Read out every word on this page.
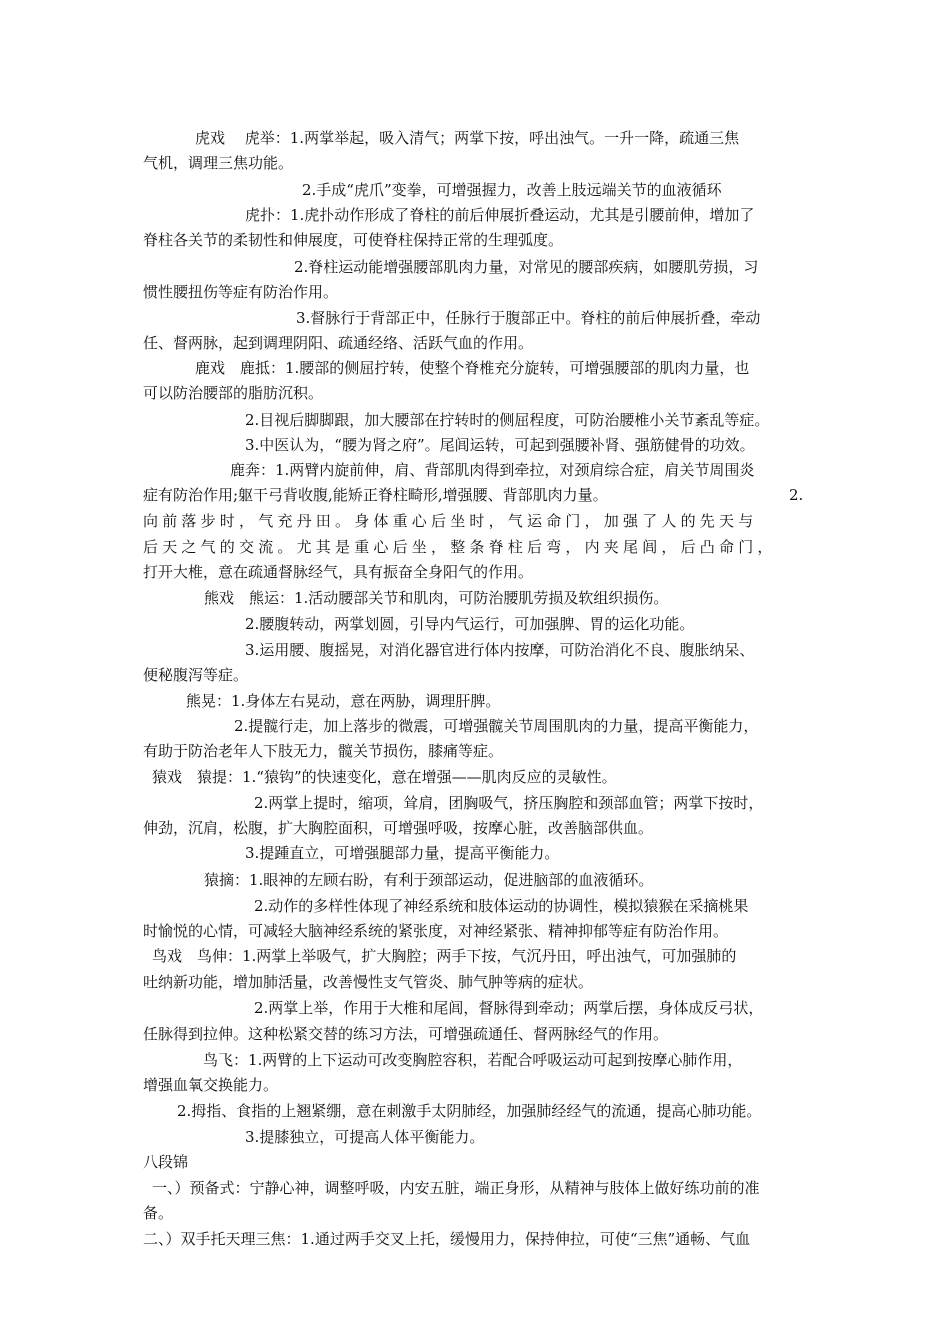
虎戏　 虎举：1.两掌举起，吸入清气；两掌下按，呼出浊气。一升一降，疏通三焦
气机，调理三焦功能。
2.手成“虎爪”变拳，可增强握力，改善上肢远端关节的血液循环
虎扑：1.虎扑动作形成了脊柱的前后伸展折叠运动，尤其是引腰前伸，增加了
脊柱各关节的柔韧性和伸展度，可使脊柱保持正常的生理弧度。
2.脊柱运动能增强腰部肌肉力量，对常见的腰部疾病，如腰肌劳损，习
惯性腰扭伤等症有防治作用。
3.督脉行于背部正中，任脉行于腹部正中。脊柱的前后伸展折叠，牵动
任、督两脉，起到调理阴阳、疏通经络、活跃气血的作用。
鹿戏　鹿抵：1.腰部的侧屈拧转，使整个脊椎充分旋转，可增强腰部的肌肉力量，也
可以防治腰部的脂肪沉积。
2.目视后脚脚跟，加大腰部在拧转时的侧屈程度，可防治腰椎小关节紊乱等症。
3.中医认为，“腰为肾之府”。尾闾运转，可起到强腰补肾、强筋健骨的功效。
鹿奔：1.两臂内旋前伸，肩、背部肌肉得到牵拉，对颈肩综合症，肩关节周围炎
症有防治作用;躯干弓背收腹,能矫正脊柱畸形,增强腰、背部肌肉力量。	2.
向前落步时，气充丹田。身体重心后坐时，气运命门，加强了人的先天与
后天之气的交流。尤其是重心后坐，整条脊柱后弯，内夹尾闾，后凸命门，
打开大椎，意在疏通督脉经气，具有振奋全身阳气的作用。
熊戏　熊运：1.活动腰部关节和肌肉，可防治腰肌劳损及软组织损伤。
2.腰腹转动，两掌划圆，引导内气运行，可加强脾、胃的运化功能。
3.运用腰、腹摇晃，对消化器官进行体内按摩，可防治消化不良、腹胀纳呆、
便秘腹泻等症。
熊晃：1.身体左右晃动，意在两胁，调理肝脾。
2.提髋行走，加上落步的微震，可增强髋关节周围肌肉的力量，提高平衡能力，
有助于防治老年人下肢无力，髋关节损伤，膝痛等症。
猿戏　猿提：1.“猿钩”的快速变化，意在增强——肌肉反应的灵敏性。
2.两掌上提时，缩项，耸肩，团胸吸气，挤压胸腔和颈部血管；两掌下按时，
伸劲，沉肩，松腹，扩大胸腔面积，可增强呼吸，按摩心脏，改善脑部供血。
3.提踵直立，可增强腿部力量，提高平衡能力。
猿摘：1.眼神的左顾右盼，有利于颈部运动，促进脑部的血液循环。
2.动作的多样性体现了神经系统和肢体运动的协调性，模拟猿猴在采摘桃果
时愉悦的心情，可减轻大脑神经系统的紧张度，对神经紧张、精神抑郁等症有防治作用。
鸟戏　鸟伸：1.两掌上举吸气，扩大胸腔；两手下按，气沉丹田，呼出浊气，可加强肺的
吐纳新功能，增加肺活量，改善慢性支气管炎、肺气肿等病的症状。
2.两掌上举，作用于大椎和尾闾，督脉得到牵动；两掌后摆，身体成反弓状，
任脉得到拉伸。这种松紧交替的练习方法，可增强疏通任、督两脉经气的作用。
鸟飞：1.两臂的上下运动可改变胸腔容积，若配合呼吸运动可起到按摩心肺作用，
增强血氧交换能力。
2.拇指、食指的上翘紧绷，意在刺激手太阴肺经，加强肺经经气的流通，提高心肺功能。
3.提膝独立，可提高人体平衡能力。
八段锦
一、）预备式：宁静心神，调整呼吸，内安五脏，端正身形，从精神与肢体上做好练功前的准
备。
二、）双手托天理三焦：1.通过两手交叉上托，缓慢用力，保持伸拉，可使“三焦”通畅、气血
